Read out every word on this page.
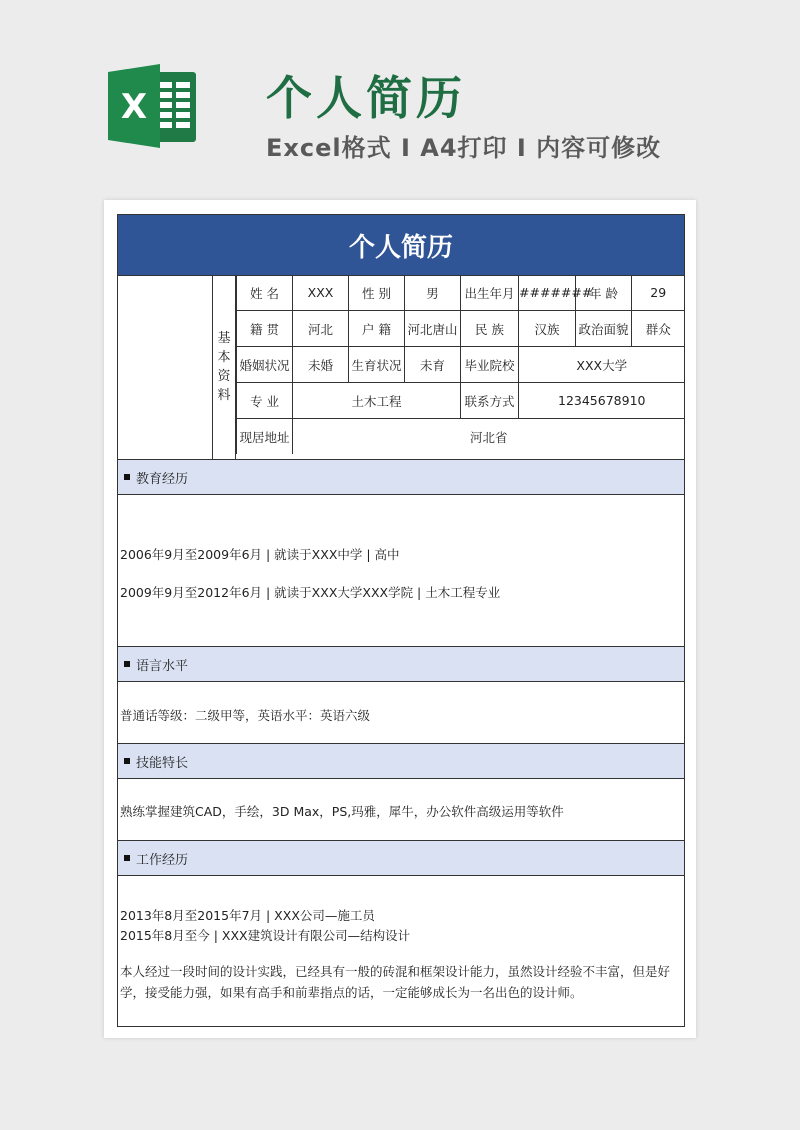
X	个人简历
Excel格式 I A4打印 I 内容可修改
个人简历
基
本
资
料
姓 名	XXX	性 别	男	出生年月	#######	年 龄	29
籍 贯	河北	户 籍	河北唐山	民 族	汉族	政治面貌	群众
婚姻状况	未婚	生育状况	未育	毕业院校	XXX大学		
专 业	土木工程			联系方式	12345678910		
现居地址	河北省						
教育经历
2006年9月至2009年6月 | 就读于XXX中学 | 高中
2009年9月至2012年6月 | 就读于XXX大学XXX学院 | 土木工程专业
语言水平
普通话等级：二级甲等，英语水平：英语六级
技能特长
熟练掌握建筑CAD，手绘，3D Max，PS,玛雅，犀牛，办公软件高级运用等软件
工作经历
2013年8月至2015年7月 | XXX公司—施工员
2015年8月至今 | XXX建筑设计有限公司—结构设计
本人经过一段时间的设计实践，已经具有一般的砖混和框架设计能力，虽然设计经验不丰富，但是好学，接受能力强，如果有高手和前辈指点的话，一定能够成长为一名出色的设计师。
